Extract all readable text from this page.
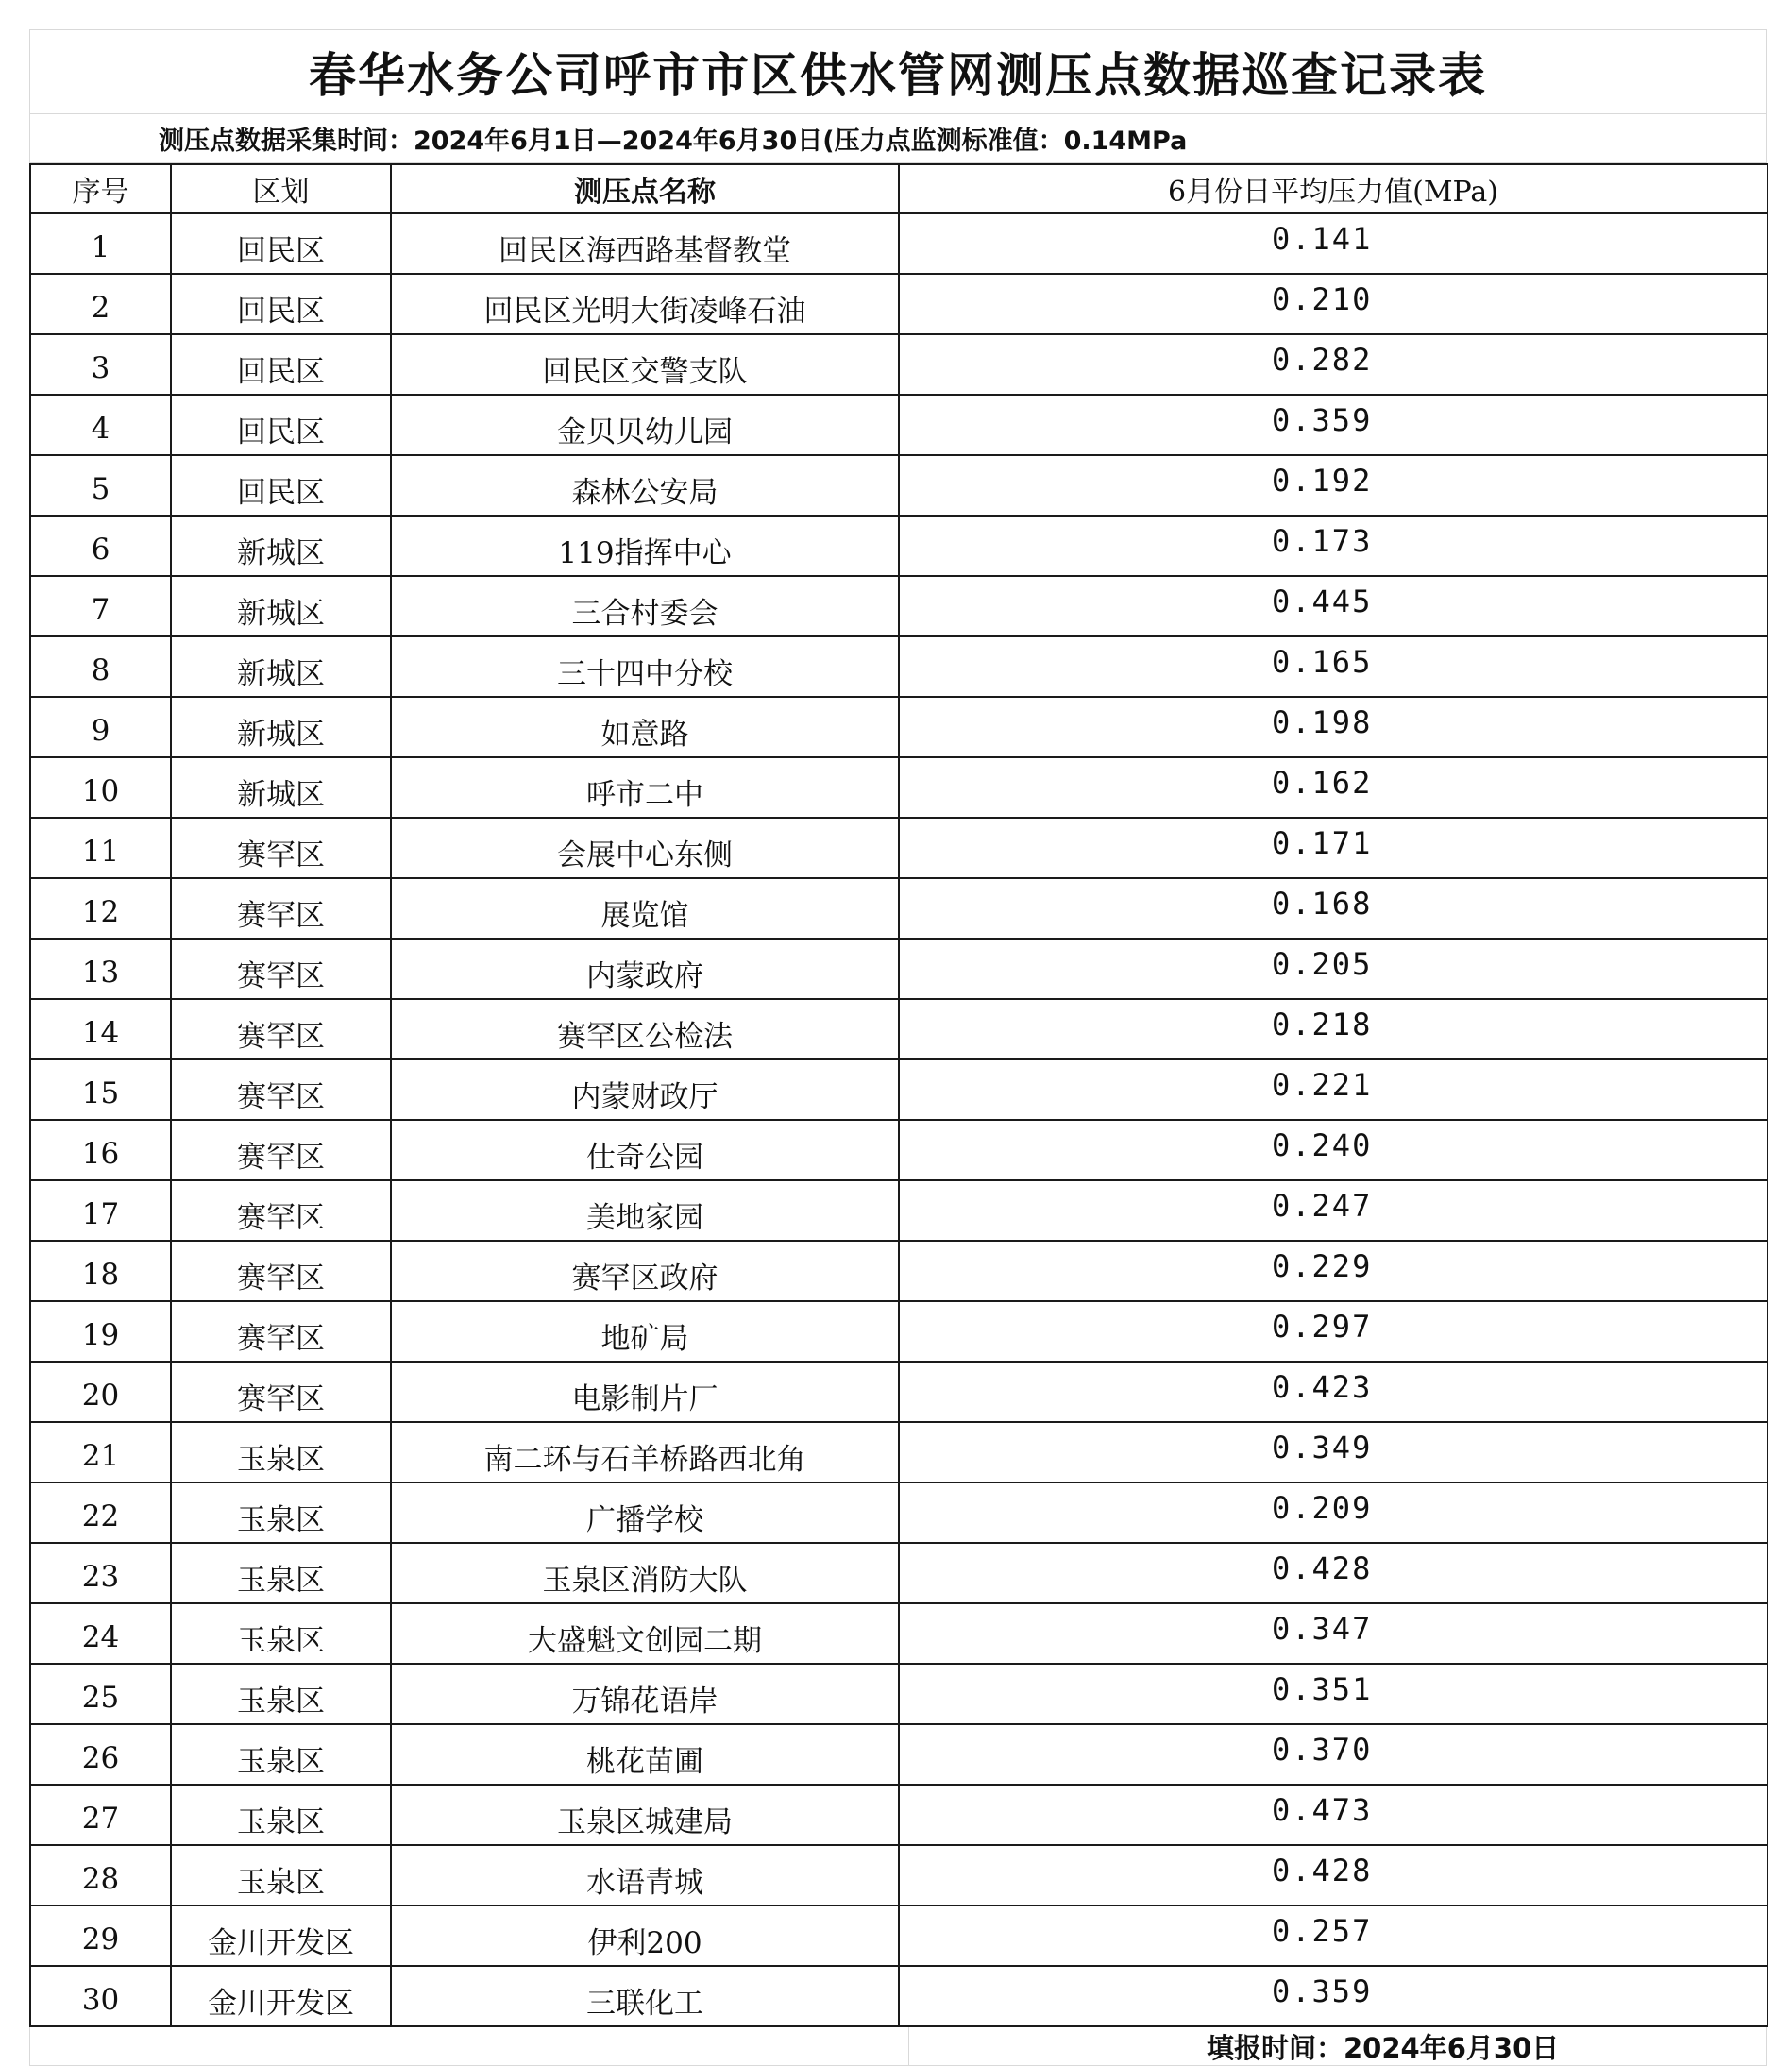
春华水务公司呼市市区供水管网测压点数据巡查记录表
测压点数据采集时间：2024年6月1日—2024年6月30日(压力点监测标准值：0.14MPa
序号	区划	测压点名称	6月份日平均压力值(MPa)
1	回民区	回民区海西路基督教堂	0.141
2	回民区	回民区光明大街凌峰石油	0.210
3	回民区	回民区交警支队	0.282
4	回民区	金贝贝幼儿园	0.359
5	回民区	森林公安局	0.192
6	新城区	119指挥中心	0.173
7	新城区	三合村委会	0.445
8	新城区	三十四中分校	0.165
9	新城区	如意路	0.198
10	新城区	呼市二中	0.162
11	赛罕区	会展中心东侧	0.171
12	赛罕区	展览馆	0.168
13	赛罕区	内蒙政府	0.205
14	赛罕区	赛罕区公检法	0.218
15	赛罕区	内蒙财政厅	0.221
16	赛罕区	仕奇公园	0.240
17	赛罕区	美地家园	0.247
18	赛罕区	赛罕区政府	0.229
19	赛罕区	地矿局	0.297
20	赛罕区	电影制片厂	0.423
21	玉泉区	南二环与石羊桥路西北角	0.349
22	玉泉区	广播学校	0.209
23	玉泉区	玉泉区消防大队	0.428
24	玉泉区	大盛魁文创园二期	0.347
25	玉泉区	万锦花语岸	0.351
26	玉泉区	桃花苗圃	0.370
27	玉泉区	玉泉区城建局	0.473
28	玉泉区	水语青城	0.428
29	金川开发区	伊利200	0.257
30	金川开发区	三联化工	0.359
填报时间：2024年6月30日
